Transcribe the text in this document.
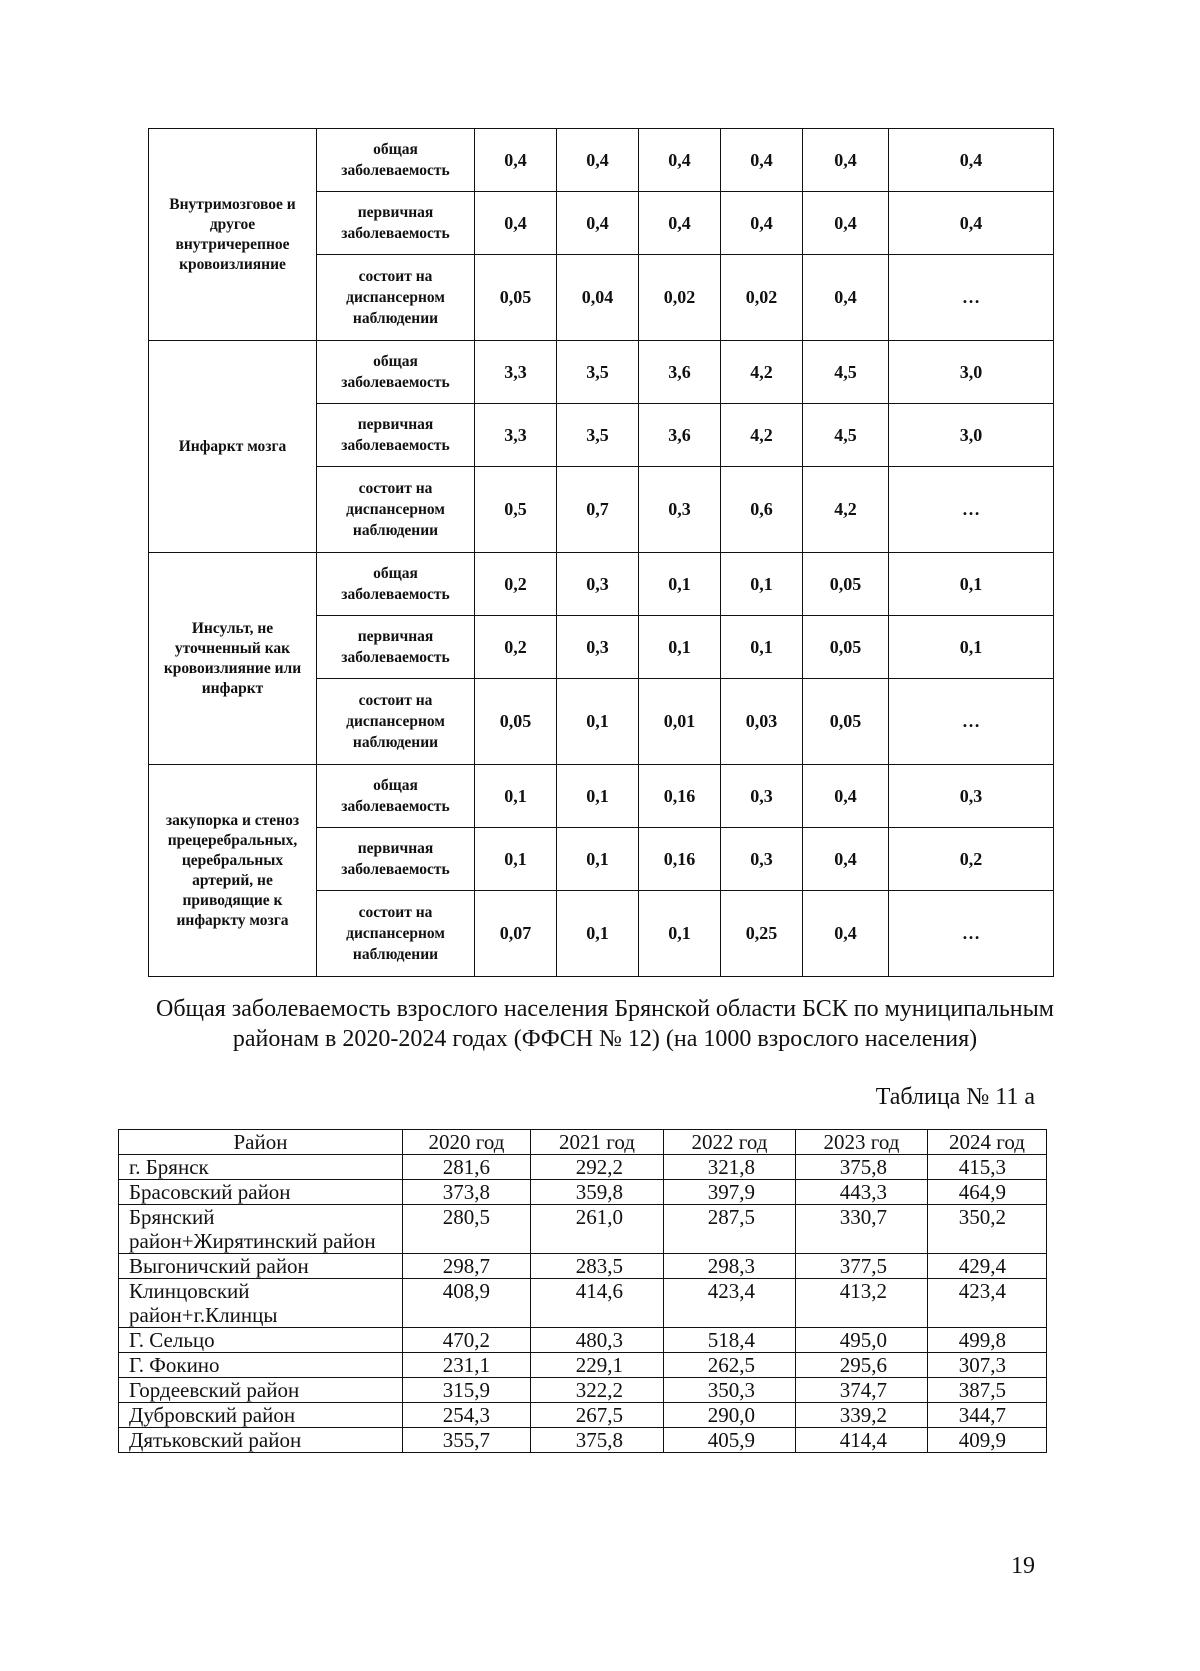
Внутримозговое и другое внутричерепное кровоизлияние	общая заболеваемость	0,4	0,4	0,4	0,4	0,4	0,4
	первичная заболеваемость	0,4	0,4	0,4	0,4	0,4	0,4
	состоит на диспансерном наблюдении	0,05	0,04	0,02	0,02	0,4	…
Инфаркт мозга	общая заболеваемость	3,3	3,5	3,6	4,2	4,5	3,0
	первичная заболеваемость	3,3	3,5	3,6	4,2	4,5	3,0
	состоит на диспансерном наблюдении	0,5	0,7	0,3	0,6	4,2	…
Инсульт, не уточненный как кровоизлияние или инфаркт	общая заболеваемость	0,2	0,3	0,1	0,1	0,05	0,1
	первичная заболеваемость	0,2	0,3	0,1	0,1	0,05	0,1
	состоит на диспансерном наблюдении	0,05	0,1	0,01	0,03	0,05	…
закупорка и стеноз прецеребральных, церебральных артерий, не приводящие к инфаркту мозга	общая заболеваемость	0,1	0,1	0,16	0,3	0,4	0,3
	первичная заболеваемость	0,1	0,1	0,16	0,3	0,4	0,2
	состоит на диспансерном наблюдении	0,07	0,1	0,1	0,25	0,4	…
Общая заболеваемость взрослого населения Брянской области БСК по муниципальным районам в 2020-2024 годах (ФФСН № 12) (на 1000 взрослого населения)
Таблица № 11 а
Район	2020 год	2021 год	2022 год	2023 год	2024 год
г. Брянск	281,6	292,2	321,8	375,8	415,3
Брасовский район	373,8	359,8	397,9	443,3	464,9
Брянский район+Жирятинский район	280,5	261,0	287,5	330,7	350,2
Выгоничский район	298,7	283,5	298,3	377,5	429,4
Клинцовский район+г.Клинцы	408,9	414,6	423,4	413,2	423,4
Г. Сельцо	470,2	480,3	518,4	495,0	499,8
Г. Фокино	231,1	229,1	262,5	295,6	307,3
Гордеевский район	315,9	322,2	350,3	374,7	387,5
Дубровский район	254,3	267,5	290,0	339,2	344,7
Дятьковский район	355,7	375,8	405,9	414,4	409,9
19
